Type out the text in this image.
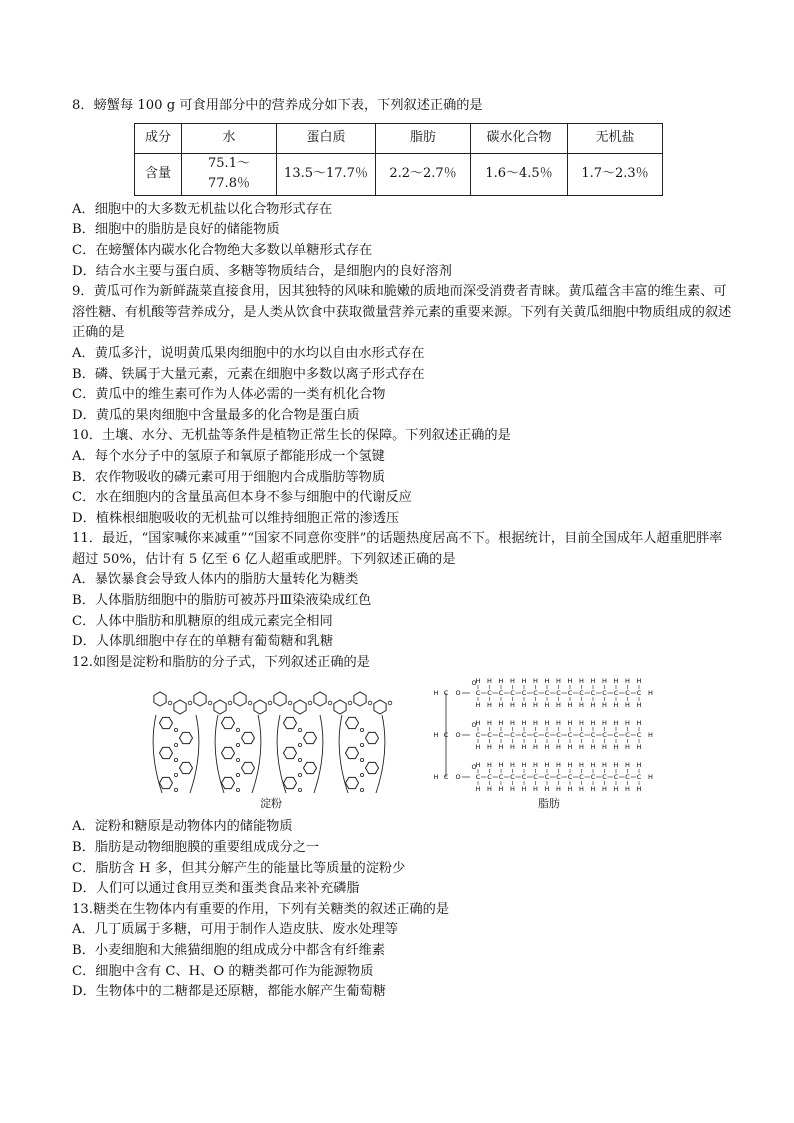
8．螃蟹每 100 g 可食用部分中的营养成分如下表，下列叙述正确的是
成分	水	蛋白质	脂肪	碳水化合物	无机盐
含量	75.1～77.8％	13.5～17.7％	2.2～2.7％	1.6～4.5％	1.7～2.3％
A．细胞中的大多数无机盐以化合物形式存在
B．细胞中的脂肪是良好的储能物质
C．在螃蟹体内碳水化合物绝大多数以单糖形式存在
D．结合水主要与蛋白质、多糖等物质结合，是细胞内的良好溶剂
9．黄瓜可作为新鲜蔬菜直接食用，因其独特的风味和脆嫩的质地而深受消费者青睐。黄瓜蕴含丰富的维生素、可溶性糖、有机酸等营养成分，是人类从饮食中获取微量营养元素的重要来源。下列有关黄瓜细胞中物质组成的叙述正确的是
A．黄瓜多汁，说明黄瓜果肉细胞中的水均以自由水形式存在
B．磷、铁属于大量元素，元素在细胞中多数以离子形式存在
C．黄瓜中的维生素可作为人体必需的一类有机化合物
D．黄瓜的果肉细胞中含量最多的化合物是蛋白质
10．土壤、水分、无机盐等条件是植物正常生长的保障。下列叙述正确的是
A．每个水分子中的氢原子和氧原子都能形成一个氢键
B．农作物吸收的磷元素可用于细胞内合成脂肪等物质
C．水在细胞内的含量虽高但本身不参与细胞中的代谢反应
D．植株根细胞吸收的无机盐可以维持细胞正常的渗透压
11．最近，“国家喊你来减重”“国家不同意你变胖”的话题热度居高不下。根据统计，目前全国成年人超重肥胖率超过 50%，估计有 5 亿至 6 亿人超重或肥胖。下列叙述正确的是
A．暴饮暴食会导致人体内的脂肪大量转化为糖类
B．人体脂肪细胞中的脂肪可被苏丹Ⅲ染液染成红色
C．人体中脂肪和肌糖原的组成元素完全相同
D．人体肌细胞中存在的单糖有葡萄糖和乳糖
12.如图是淀粉和脂肪的分子式，下列叙述正确的是
淀粉
C
H	O
O
C
H
H
C
H
H
C
H
H
C
H
H
C
H
H
C
H
H
C
H
H
C
H
H
C
H
H
C
H
H
C
H
H
C
H
H
C
H
H
C
H
H
C
H
H
H
C
H	O
O
C
H
H
C
H
H
C
H
H
C
H
H
C
H
H
C
H
H
C
H
H
C
H
H
C
H
H
C
H
H
C
H
H
C
H
H
C
H
H
C
H
H
C
H
H
H
C
H	O
O
C
H
H
C
H
H
C
H
H
C
H
H
C
H
H
C
H
H
C
H
H
C
H
H
C
H
H
C
H
H
C
H
H
C
H
H
C
H
H
C
H
H
C
H
H
H
脂肪
A．淀粉和糖原是动物体内的储能物质
B．脂肪是动物细胞膜的重要组成成分之一
C．脂肪含 H 多，但其分解产生的能量比等质量的淀粉少
D．人们可以通过食用豆类和蛋类食品来补充磷脂
13.糖类在生物体内有重要的作用，下列有关糖类的叙述正确的是
A．几丁质属于多糖，可用于制作人造皮肤、废水处理等
B．小麦细胞和大熊猫细胞的组成成分中都含有纤维素
C．细胞中含有 C、H、O 的糖类都可作为能源物质
D．生物体中的二糖都是还原糖，都能水解产生葡萄糖
